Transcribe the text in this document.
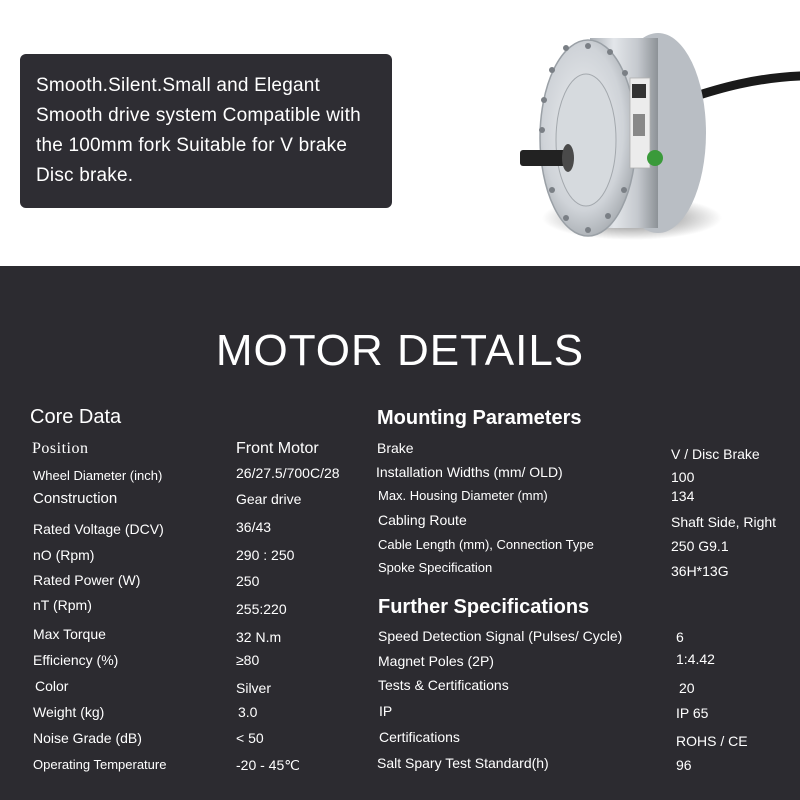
Smooth.Silent.Small and Elegant
Smooth drive system Compatible with
the 100mm fork Suitable for V brake
Disc brake.
MOTOR DETAILS
Core Data	Mounting Parameters
Further Specifications
Position	Front Motor
Wheel Diameter (inch)	26/27.5/700C/28
Construction	Gear drive
Rated Voltage (DCV)	36/43
nO (Rpm)	290 : 250
Rated Power (W)	250
nT (Rpm)	255:220
Max Torque	32 N.m
Efficiency (%)	≥80
Color	Silver
Weight (kg)	3.0
Noise Grade (dB)	< 50
Operating Temperature	-20 - 45℃
Brake	V / Disc Brake
Installation Widths (mm/ OLD)	100
Max. Housing Diameter (mm)	134
Cabling Route	Shaft Side, Right
Cable Length (mm), Connection Type	250 G9.1
Spoke Specification	36H*13G
Speed Detection Signal (Pulses/ Cycle)	6
Magnet Poles (2P)	1:4.42
Tests & Certifications	20
IP	IP 65
Certifications	ROHS / CE
Salt Spary Test Standard(h)	96
